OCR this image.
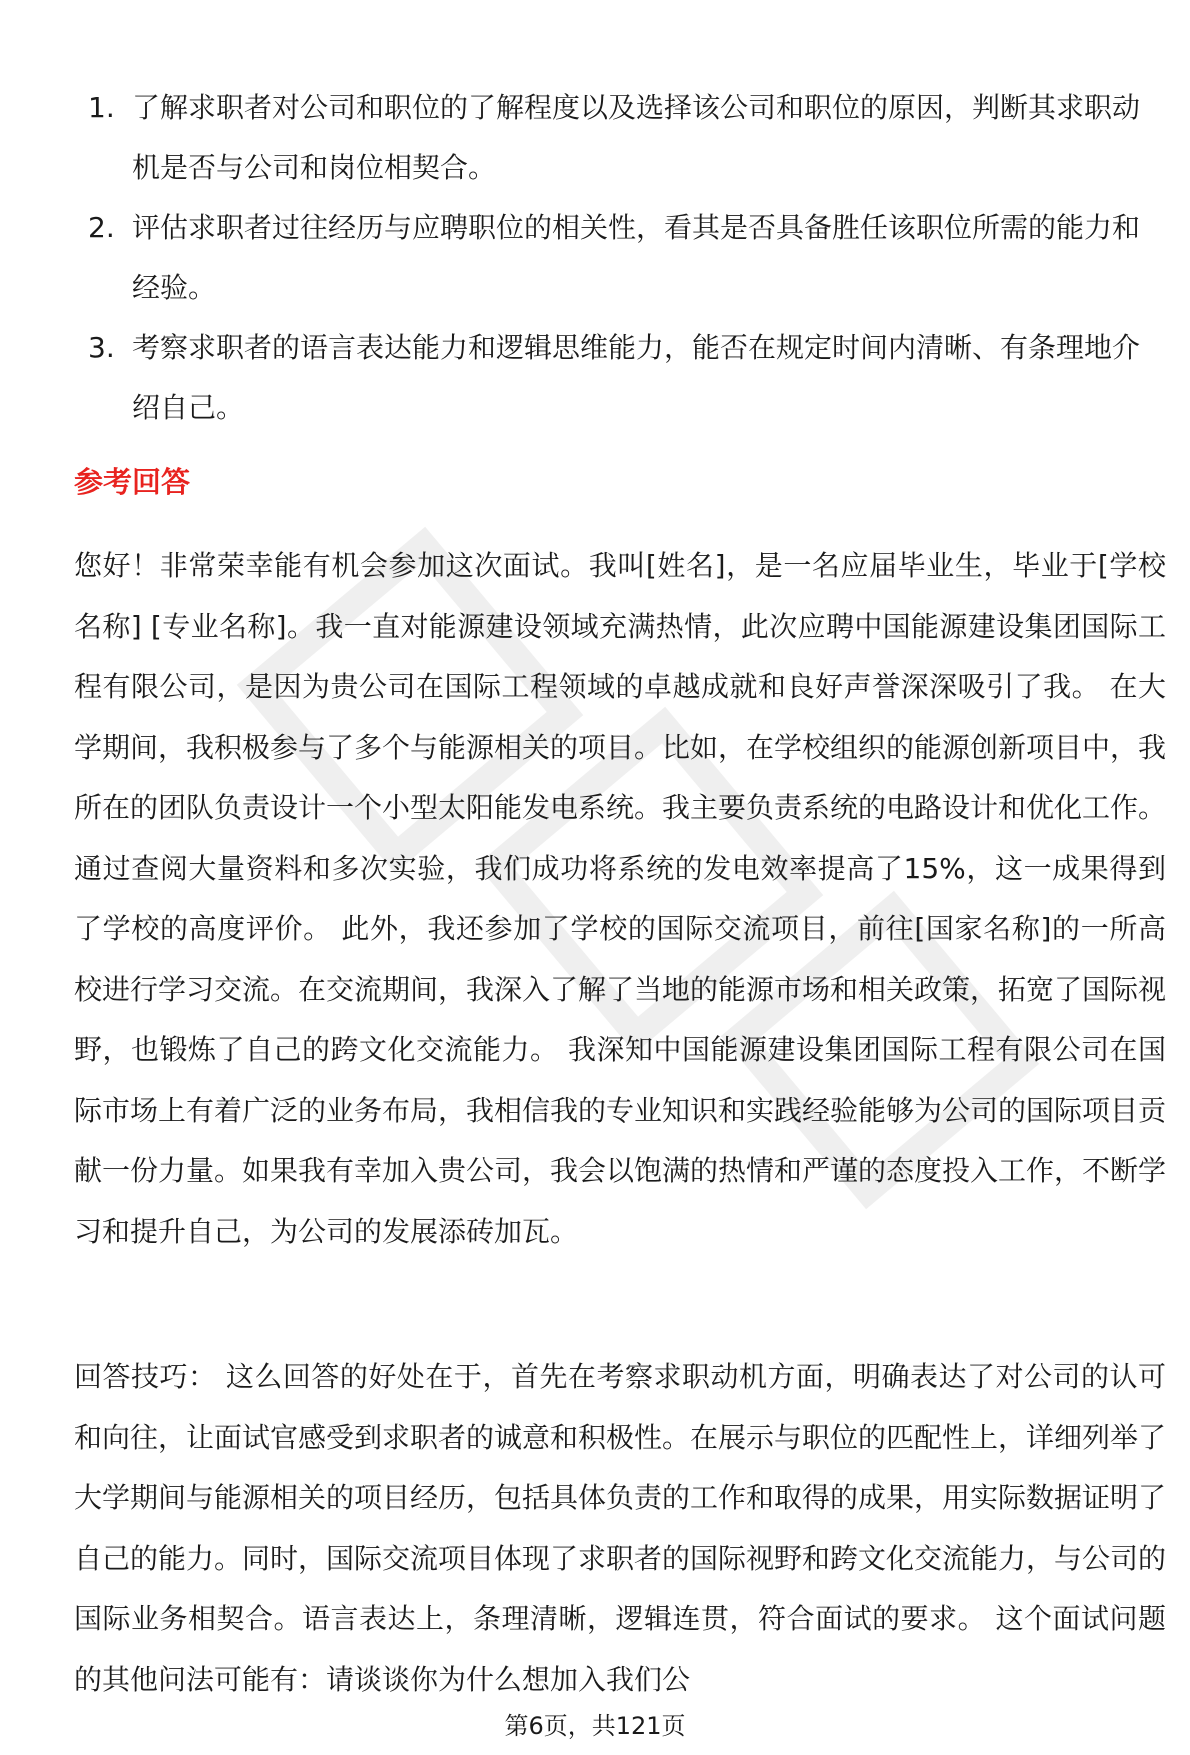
1. 了解求职者对公司和职位的了解程度以及选择该公司和职位的原因，判断其求职动机是否与公司和岗位相契合。
2. 评估求职者过往经历与应聘职位的相关性，看其是否具备胜任该职位所需的能力和经验。
3. 考察求职者的语言表达能力和逻辑思维能力，能否在规定时间内清晰、有条理地介绍自己。
参考回答

您好！非常荣幸能有机会参加这次面试。我叫[姓名]，是一名应届毕业生，毕业于[学校名称] [专业名称]。我一直对能源建设领域充满热情，此次应聘中国能源建设集团国际工程有限公司，是因为贵公司在国际工程领域的卓越成就和良好声誉深深吸引了我。 在大学期间，我积极参与了多个与能源相关的项目。比如，在学校组织的能源创新项目中，我所在的团队负责设计一个小型太阳能发电系统。我主要负责系统的电路设计和优化工作。通过查阅大量资料和多次实验，我们成功将系统的发电效率提高了15%，这一成果得到了学校的高度评价。 此外，我还参加了学校的国际交流项目，前往[国家名称]的一所高校进行学习交流。在交流期间，我深入了解了当地的能源市场和相关政策，拓宽了国际视野，也锻炼了自己的跨文化交流能力。 我深知中国能源建设集团国际工程有限公司在国际市场上有着广泛的业务布局，我相信我的专业知识和实践经验能够为公司的国际项目贡献一份力量。如果我有幸加入贵公司，我会以饱满的热情和严谨的态度投入工作，不断学习和提升自己，为公司的发展添砖加瓦。

回答技巧： 这么回答的好处在于，首先在考察求职动机方面，明确表达了对公司的认可和向往，让面试官感受到求职者的诚意和积极性。在展示与职位的匹配性上，详细列举了大学期间与能源相关的项目经历，包括具体负责的工作和取得的成果，用实际数据证明了自己的能力。同时，国际交流项目体现了求职者的国际视野和跨文化交流能力，与公司的国际业务相契合。语言表达上，条理清晰，逻辑连贯，符合面试的要求。 这个面试问题的其他问法可能有：请谈谈你为什么想加入我们公

第6页，共121页
